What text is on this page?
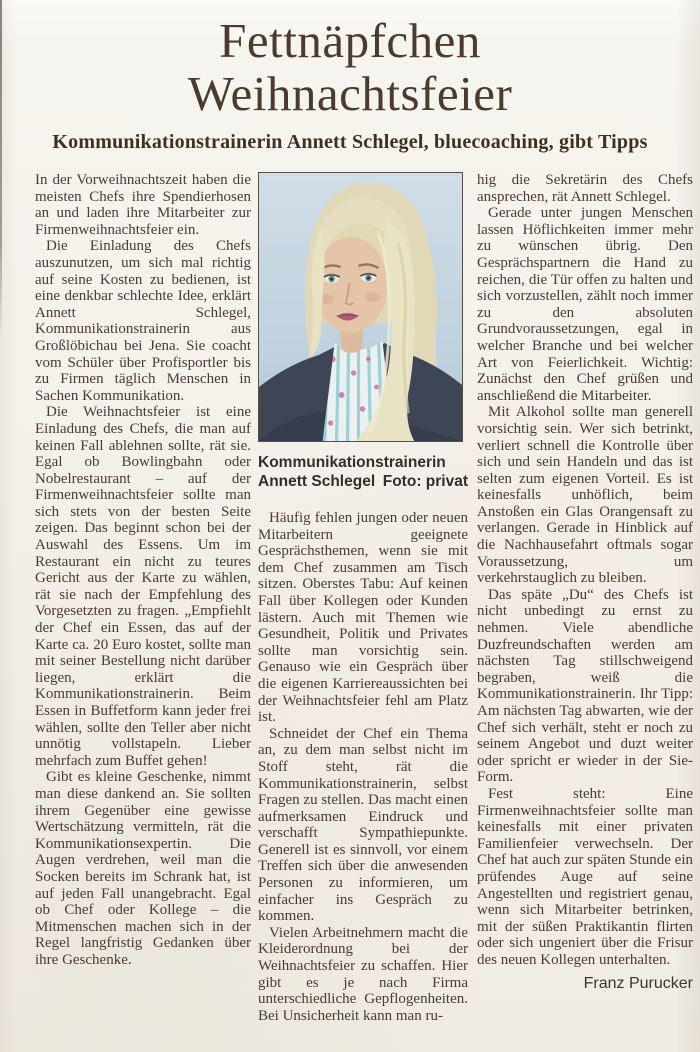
Fettnäpfchen
Weihnachtsfeier
Kommunikationstrainerin Annett Schlegel, bluecoaching, gibt Tipps

In der Vorweihnachtszeit haben die meisten Chefs ihre Spendierhosen an und laden ihre Mitarbeiter zur Firmenweihnachtsfeier ein.

Die Einladung des Chefs auszunutzen, um sich mal richtig auf seine Kosten zu bedienen, ist eine denkbar schlechte Idee, erklärt Annett Schlegel, Kommunikationstrainerin aus Großlöbichau bei Jena. Sie coacht vom Schüler über Profisportler bis zu Firmen täglich Menschen in Sachen Kommunikation.

Die Weihnachtsfeier ist eine Einladung des Chefs, die man auf keinen Fall ablehnen sollte, rät sie. Egal ob Bowlingbahn oder Nobelrestaurant – auf der Firmenweihnachtsfeier sollte man sich stets von der besten Seite zeigen. Das beginnt schon bei der Auswahl des Essens. Um im Restaurant ein nicht zu teures Gericht aus der Karte zu wählen, rät sie nach der Empfehlung des Vorgesetzten zu fragen. „Empfiehlt der Chef ein Essen, das auf der Karte ca. 20 Euro kostet, sollte man mit seiner Bestellung nicht darüber liegen, erklärt die Kommunikationstrainerin. Beim Essen in Buffetform kann jeder frei wählen, sollte den Teller aber nicht unnötig vollstapeln. Lieber mehrfach zum Buffet gehen!

Gibt es kleine Geschenke, nimmt man diese dankend an. Sie sollten ihrem Gegenüber eine gewisse Wertschätzung vermitteln, rät die Kommunikationsexpertin. Die Augen verdrehen, weil man die Socken bereits im Schrank hat, ist auf jeden Fall unangebracht. Egal ob Chef oder Kollege – die Mitmenschen machen sich in der Regel langfristig Gedanken über ihre Geschenke.

Kommunikationstrainerin
Annett Schlegel Foto: privat

Häufig fehlen jungen oder neuen Mitarbeitern geeignete Gesprächsthemen, wenn sie mit dem Chef zusammen am Tisch sitzen. Oberstes Tabu: Auf keinen Fall über Kollegen oder Kunden lästern. Auch mit Themen wie Gesundheit, Politik und Privates sollte man vorsichtig sein. Genauso wie ein Gespräch über die eigenen Karriereaussichten bei der Weihnachtsfeier fehl am Platz ist.

Schneidet der Chef ein Thema an, zu dem man selbst nicht im Stoff steht, rät die Kommunikationstrainerin, selbst Fragen zu stellen. Das macht einen aufmerksamen Eindruck und verschafft Sympathiepunkte. Generell ist es sinnvoll, vor einem Treffen sich über die anwesenden Personen zu informieren, um einfacher ins Gespräch zu kommen.

Vielen Arbeitnehmern macht die Kleiderordnung bei der Weihnachtsfeier zu schaffen. Hier gibt es je nach Firma unterschiedliche Gepflogenheiten. Bei Unsicherheit kann man ru-

hig die Sekretärin des Chefs ansprechen, rät Annett Schlegel.

Gerade unter jungen Menschen lassen Höflichkeiten immer mehr zu wünschen übrig. Den Gesprächspartnern die Hand zu reichen, die Tür offen zu halten und sich vorzustellen, zählt noch immer zu den absoluten Grundvoraussetzungen, egal in welcher Branche und bei welcher Art von Feierlichkeit. Wichtig: Zunächst den Chef grüßen und anschließend die Mitarbeiter.

Mit Alkohol sollte man generell vorsichtig sein. Wer sich betrinkt, verliert schnell die Kontrolle über sich und sein Handeln und das ist selten zum eigenen Vorteil. Es ist keinesfalls unhöflich, beim Anstoßen ein Glas Orangensaft zu verlangen. Gerade in Hinblick auf die Nachhausefahrt oftmals sogar Voraussetzung, um verkehrstauglich zu bleiben.

Das späte „Du“ des Chefs ist nicht unbedingt zu ernst zu nehmen. Viele abendliche Duzfreundschaften werden am nächsten Tag stillschweigend begraben, weiß die Kommunikationstrainerin. Ihr Tipp: Am nächsten Tag abwarten, wie der Chef sich verhält, steht er noch zu seinem Angebot und duzt weiter oder spricht er wieder in der Sie-Form.

Fest steht: Eine Firmenweihnachtsfeier sollte man keinesfalls mit einer privaten Familienfeier verwechseln. Der Chef hat auch zur späten Stunde ein prüfendes Auge auf seine Angestellten und registriert genau, wenn sich Mitarbeiter betrinken, mit der süßen Praktikantin flirten oder sich ungeniert über die Frisur des neuen Kollegen unterhalten.

Franz Purucker
